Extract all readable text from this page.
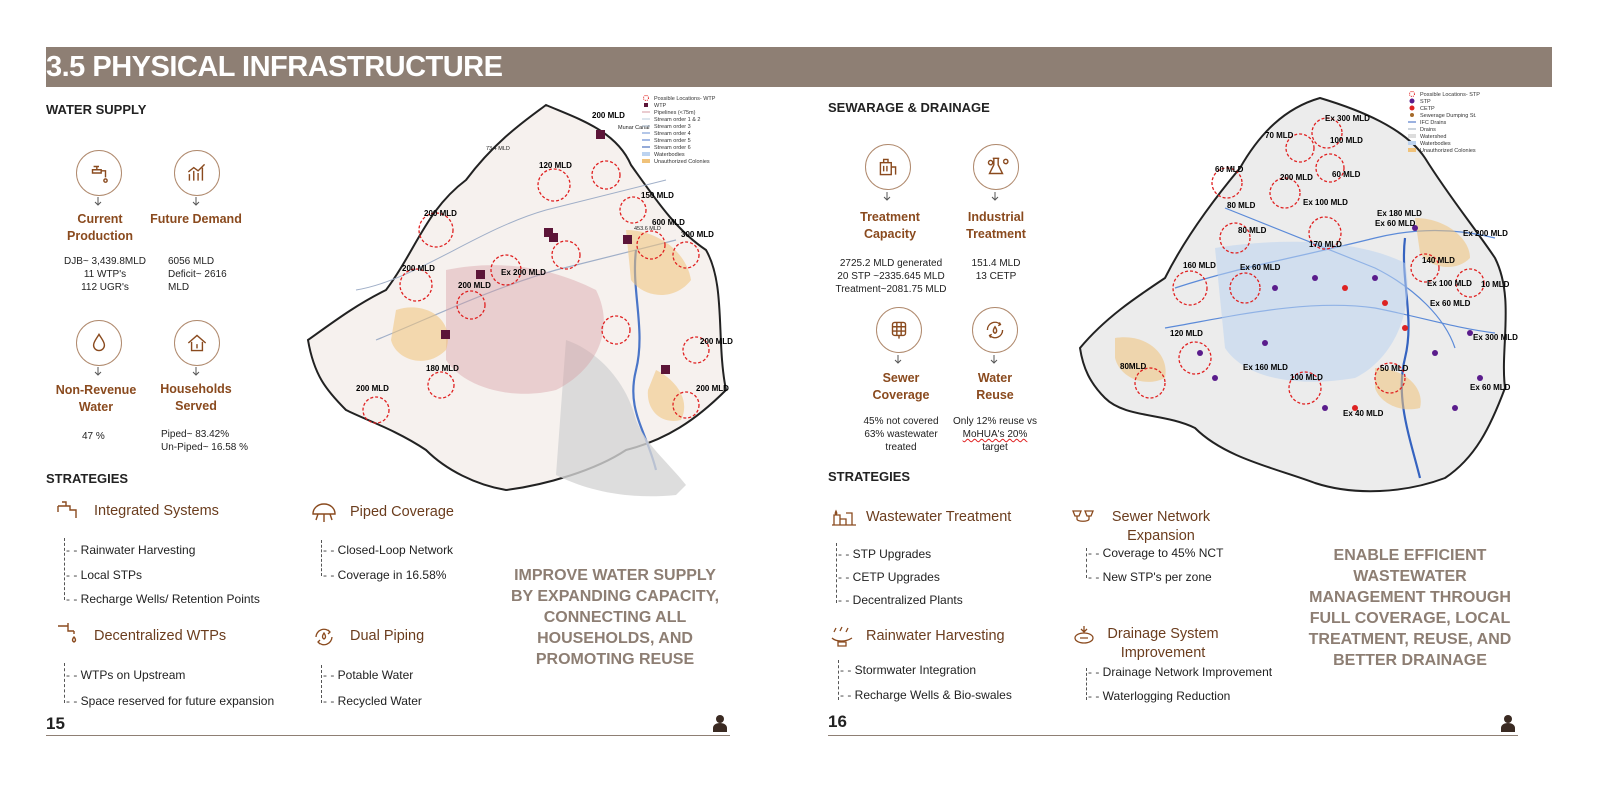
3.5 PHYSICAL INFRASTRUCTURE
WATER SUPPLY
Current
Production
DJB~ 3,439.8MLD
11 WTP's
112 UGR's
Future Demand
6056 MLD
Deficit~ 2616
MLD
Non-Revenue
Water
47 %
Households
Served
Piped~ 83.42%
Un-Piped~ 16.58 %
200 MLD
120 MLD
150 MLD
200 MLD
600 MLD
300 MLD
200 MLD
200 MLD
200 MLD
200 MLD
180 MLD
200 MLD
Ex 200 MLD
Munar Canal
73.4 MLD
453.6 MLD
Possible Locations- WTP
WTP
Pipelines (<75m)
Stream order 1 & 2
Stream order 3
Stream order 4
Stream order 5
Stream order 6
Waterbodies
Unauthorized Colonies
STRATEGIES
Integrated Systems
- - Rainwater Harvesting
- - Local STPs
- - Recharge Wells/ Retention Points
Piped Coverage
- - Closed-Loop Network
- - Coverage in 16.58%
Decentralized WTPs
- - WTPs on Upstream
- - Space reserved for future expansion
Dual Piping
- - Potable Water
- - Recycled Water
IMPROVE WATER SUPPLY
BY EXPANDING CAPACITY,
CONNECTING ALL
HOUSEHOLDS, AND
PROMOTING REUSE
15
SEWARAGE & DRAINAGE
Treatment
Capacity
2725.2 MLD generated
20 STP ~2335.645 MLD
Treatment~2081.75 MLD
Industrial
Treatment
151.4 MLD
13 CETP
Sewer
Coverage
45% not covered
63% wastewater
treated
Water
Reuse
Only 12% reuse vs
MoHUA's 20%
target
Ex 300 MLD
70 MLD
100 MLD
60 MLD
200 MLD 60 MLD
80 MLD	Ex 100 MLD
Ex 180 MLD
Ex 60 MLD
80 MLD
170 MLD
Ex 200 MLD
160 MLD	Ex 60 MLD
140 MLD
Ex 100 MLD 10 MLD
Ex 60 MLD
Ex 300 MLD
120 MLD
80MLD	Ex 160 MLD
100 MLD
50 MLD
Ex 60 MLD
Ex 40 MLD
Possible Locations- STP
STP
CETP
Sewerage Dumping St.
IFC Drains
Drains
Watershed
Waterbodies
Unauthorized Colonies
STRATEGIES
Wastewater Treatment
- - STP Upgrades
- - CETP Upgrades
- - Decentralized Plants
Sewer Network
Expansion
- - Coverage to 45% NCT
- - New STP's per zone
Rainwater Harvesting
- - Stormwater Integration
- - Recharge Wells & Bio-swales
Drainage System
Improvement
- - Drainage Network Improvement
- - Waterlogging Reduction
ENABLE EFFICIENT
WASTEWATER
MANAGEMENT THROUGH
FULL COVERAGE, LOCAL
TREATMENT, REUSE, AND
BETTER DRAINAGE
16
